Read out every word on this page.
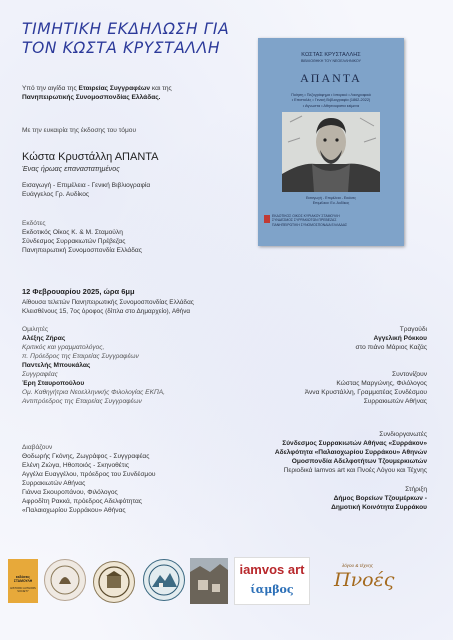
ΤΙΜΗΤΙΚΗ ΕΚΔΗΛΩΣΗ ΓΙΑ
ΤΟΝ ΚΩΣΤΑ ΚΡΥΣΤΑΛΛΗ
Υπό την αιγίδα της Εταιρείας Συγγραφέων και της
Πανηπειρωτικής Συνομοσπονδίας Ελλάδας.
Με την ευκαιρία της έκδοσης του τόμου
Κώστα Κρυστάλλη ΑΠΑΝΤΑ
Ένας ήρωας επαναστατημένος
Εισαγωγή - Επιμέλεια - Γενική Βιβλιογραφία
Ευάγγελος Γρ. Αυδίκος
Εκδότες
Εκδοτικός Οίκος Κ. & Μ. Σταμούλη
Σύνδεσμος Συρρακιωτών Πρέβεζας
Πανηπειρωτική Συνομοσπονδία Ελλάδας
12 Φεβρουαρίου 2025, ώρα 6μμ
Αίθουσα τελετών Πανηπειρωτικής Συνομοσπονδίας Ελλάδας
Κλεισθένους 15, 7ος όροφος (δίπλα στο Δημαρχείο), Αθήνα
ΚΩΣΤΑΣ ΚΡΥΣΤΑΛΛΗΣ
ΒΙΒΛΙΟΘΗΚΗ ΤΟΥ ΝΕΟΕΛΛΗΝΙΚΟΥ
ΑΠΑΝΤΑ
Ποίηση • Πεζογράφημα • Ιστορικό • Λαογραφικό
• Επιστολές • Γενική Βιβλιογραφία (1862-2022)
• Αγνωστα • Αθησαυριστα κείμενα
Εισαγωγή - Επιμέλεια - Εικόνες
Επιμέλεια: Ευ. Αυδίκος
ΕΚΔΟΤΙΚΟΣ ΟΙΚΟΣ ΚΥΡΙΑΚΟΥ ΣΤΑΜΟΥΛΗ
ΣΥΝΔΕΣΜΟΣ ΣΥΡΡΑΚΙΩΤΩΝ ΠΡΕΒΕΖΑΣ
ΠΑΝΗΠΕΙΡΩΤΙΚΗ ΣΥΝΟΜΟΣΠΟΝΔΙΑ ΕΛΛΑΔΑΣ
Ομιλητές
Αλέξης Ζήρας
Κριτικός και γραμματολόγος,
π. Πρόεδρος της Εταιρείας Συγγραφέων
Παντελής Μπουκάλας
Συγγραφέας
Έρη Σταυροπούλου
Ομ. Καθηγήτρια Νεοελληνικής Φιλολογίας ΕΚΠΑ,
Αντιπρόεδρος της Εταιρείας Συγγραφέων
Διαβάζουν
Θοδωρής Γκόνης, Ζωγράφος - Συγγραφέας
Ελένη Ζιώγα, Ηθοποιός - Σκηνοθέτις
Αγγέλα Ευαγγέλου, πρόεδρος του Συνδέσμου
Συρρακιωτών Αθήνας
Γιάννα Σκουροπάνου, Φιλόλογος
Αφροδίτη Ρακκά, πρόεδρος Αδελφότητας
«Παλαιοχωρίου Συρράκου» Αθήνας
Τραγούδι
Αγγελική Ρόκκου
στο πιάνο Μάριος Καζάς
Συντονίζουν
Κώστας Μαργώνης, Φιλόλογος
Άννα Κρυστάλλη, Γραμματέας Συνδέσμου
Συρρακιωτών Αθήνας
Συνδιοργανωτές
Σύνδεσμος Συρρακιωτών Αθήνας «Συρράκον»
Αδελφότητα «Παλαιοχωρίου Συρράκου» Αθηνών
Ομοσπονδία Αδελφοτήτων Τζουμερκιωτών
Περιοδικά Iamvos art και Πνοές Λόγου και Τέχνης
Στήριξη
Δήμος Βορείων Τζουμέρκων -
Δημοτική Κοινότητα Συρράκου
εκδόσεις ΣΤΑΜΟΥΛΗ
HISTORIC AUTHORS SOCIETY
iamvos art
ίαμβος
λόγου & τέχνης
Πνοές
